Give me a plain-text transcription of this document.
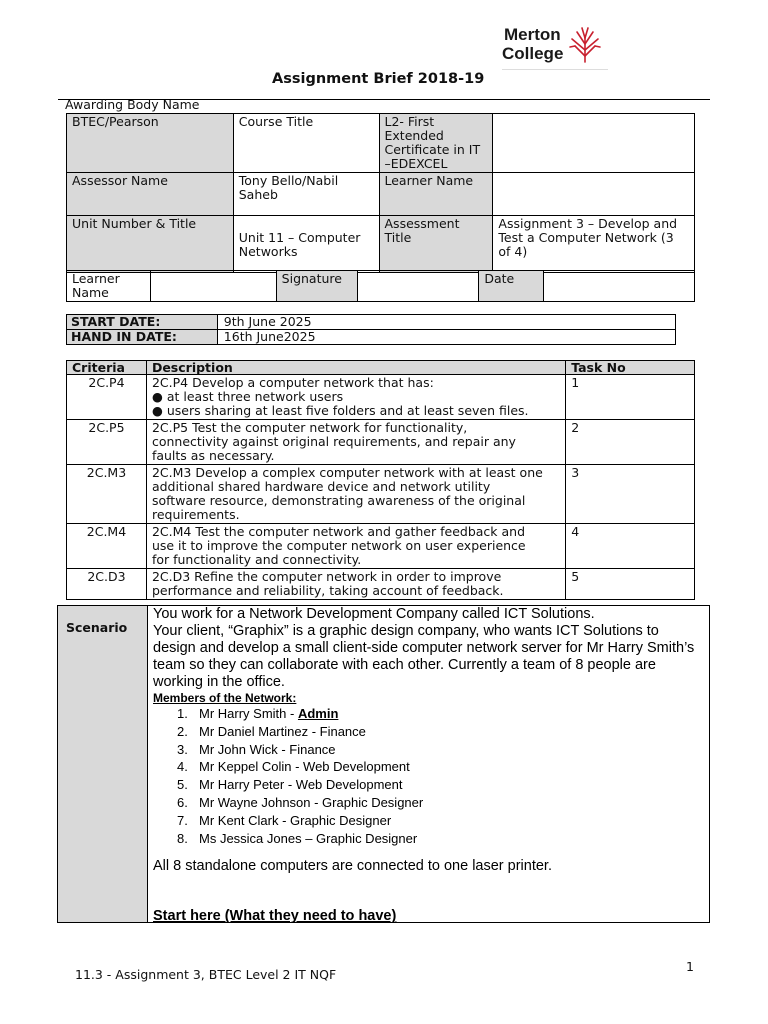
Merton
College
Assignment Brief 2018-19
Awarding Body Name
BTEC/Pearson	Course Title	L2- First Extended Certificate in IT –EDEXCEL	
Assessor Name	Tony Bello/Nabil Saheb	Learner Name	
Unit Number & Title	Unit 11 – Computer Networks	Assessment Title	Assignment 3 – Develop and Test a Computer Network (3 of 4)
Learner Name		Signature		Date	
START DATE:	9th June 2025
HAND IN DATE:	16th June2025
Criteria	Description	Task No
2C.P4	2C.P4 Develop a computer network that has:
● at least three network users
● users sharing at least five folders and at least seven files.	1
2C.P5	2C.P5 Test the computer network for functionality,
connectivity against original requirements, and repair any
faults as necessary.	2
2C.M3	2C.M3 Develop a complex computer network with at least one
additional shared hardware device and network utility
software resource, demonstrating awareness of the original
requirements.	3
2C.M4	2C.M4 Test the computer network and gather feedback and
use it to improve the computer network on user experience
for functionality and connectivity.	4
2C.D3	2C.D3 Refine the computer network in order to improve
performance and reliability, taking account of feedback.	5
Scenario

You work for a Network Development Company called ICT Solutions.

Your client, “Graphix” is a graphic design company, who wants ICT Solutions to design and develop a small client-side computer network server for Mr Harry Smith’s team so they can collaborate with each other. Currently a team of 8 people are working in the office.

Members of the Network:

1. Mr Harry Smith - Admin
2. Mr Daniel Martinez - Finance
3. Mr John Wick - Finance
4. Mr Keppel Colin - Web Development
5. Mr Harry Peter - Web Development
6. Mr Wayne Johnson - Graphic Designer
7. Mr Kent Clark - Graphic Designer
8. Ms Jessica Jones – Graphic Designer

All 8 standalone computers are connected to one laser printer.

Start here (What they need to have)

11.3 - Assignment 3, BTEC Level 2 IT NQF
1
